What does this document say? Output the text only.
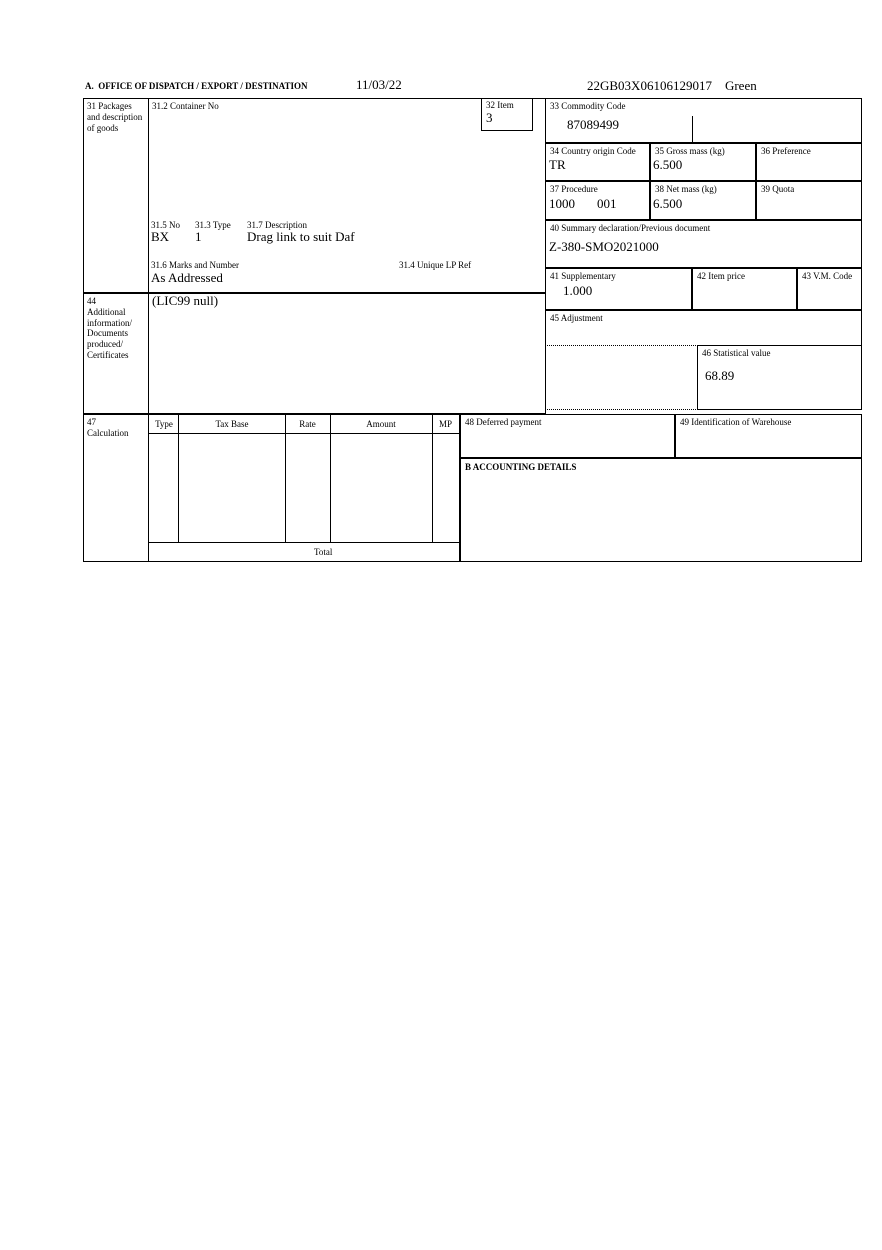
A.  OFFICE OF DISPATCH / EXPORT / DESTINATION	11/03/22	22GB03X06106129017 Green
31 Packages and description of goods
44
Additional information/ Documents produced/ Certificates
47
Calculation
31.2 Container No
31.5 No 31.3 Type 31.7 Description
BX 1	Drag link to suit Daf
31.6 Marks and Number	31.4 Unique LP Ref
As Addressed
32 Item
3
(LIC99 null)
33 Commodity Code
87089499
34 Country origin Code
TR
35 Gross mass (kg)
6.500
36 Preference
37 Procedure
1000 001
38 Net mass (kg)
6.500
39 Quota
40 Summary declaration/Previous document
Z-380-SMO2021000
41 Supplementary
1.000
42 Item price	43 V.M. Code
45 Adjustment
46 Statistical value
68.89
Type	Tax Base	Rate	Amount	MP
Total
48 Deferred payment	49 Identification of Warehouse
B ACCOUNTING DETAILS
